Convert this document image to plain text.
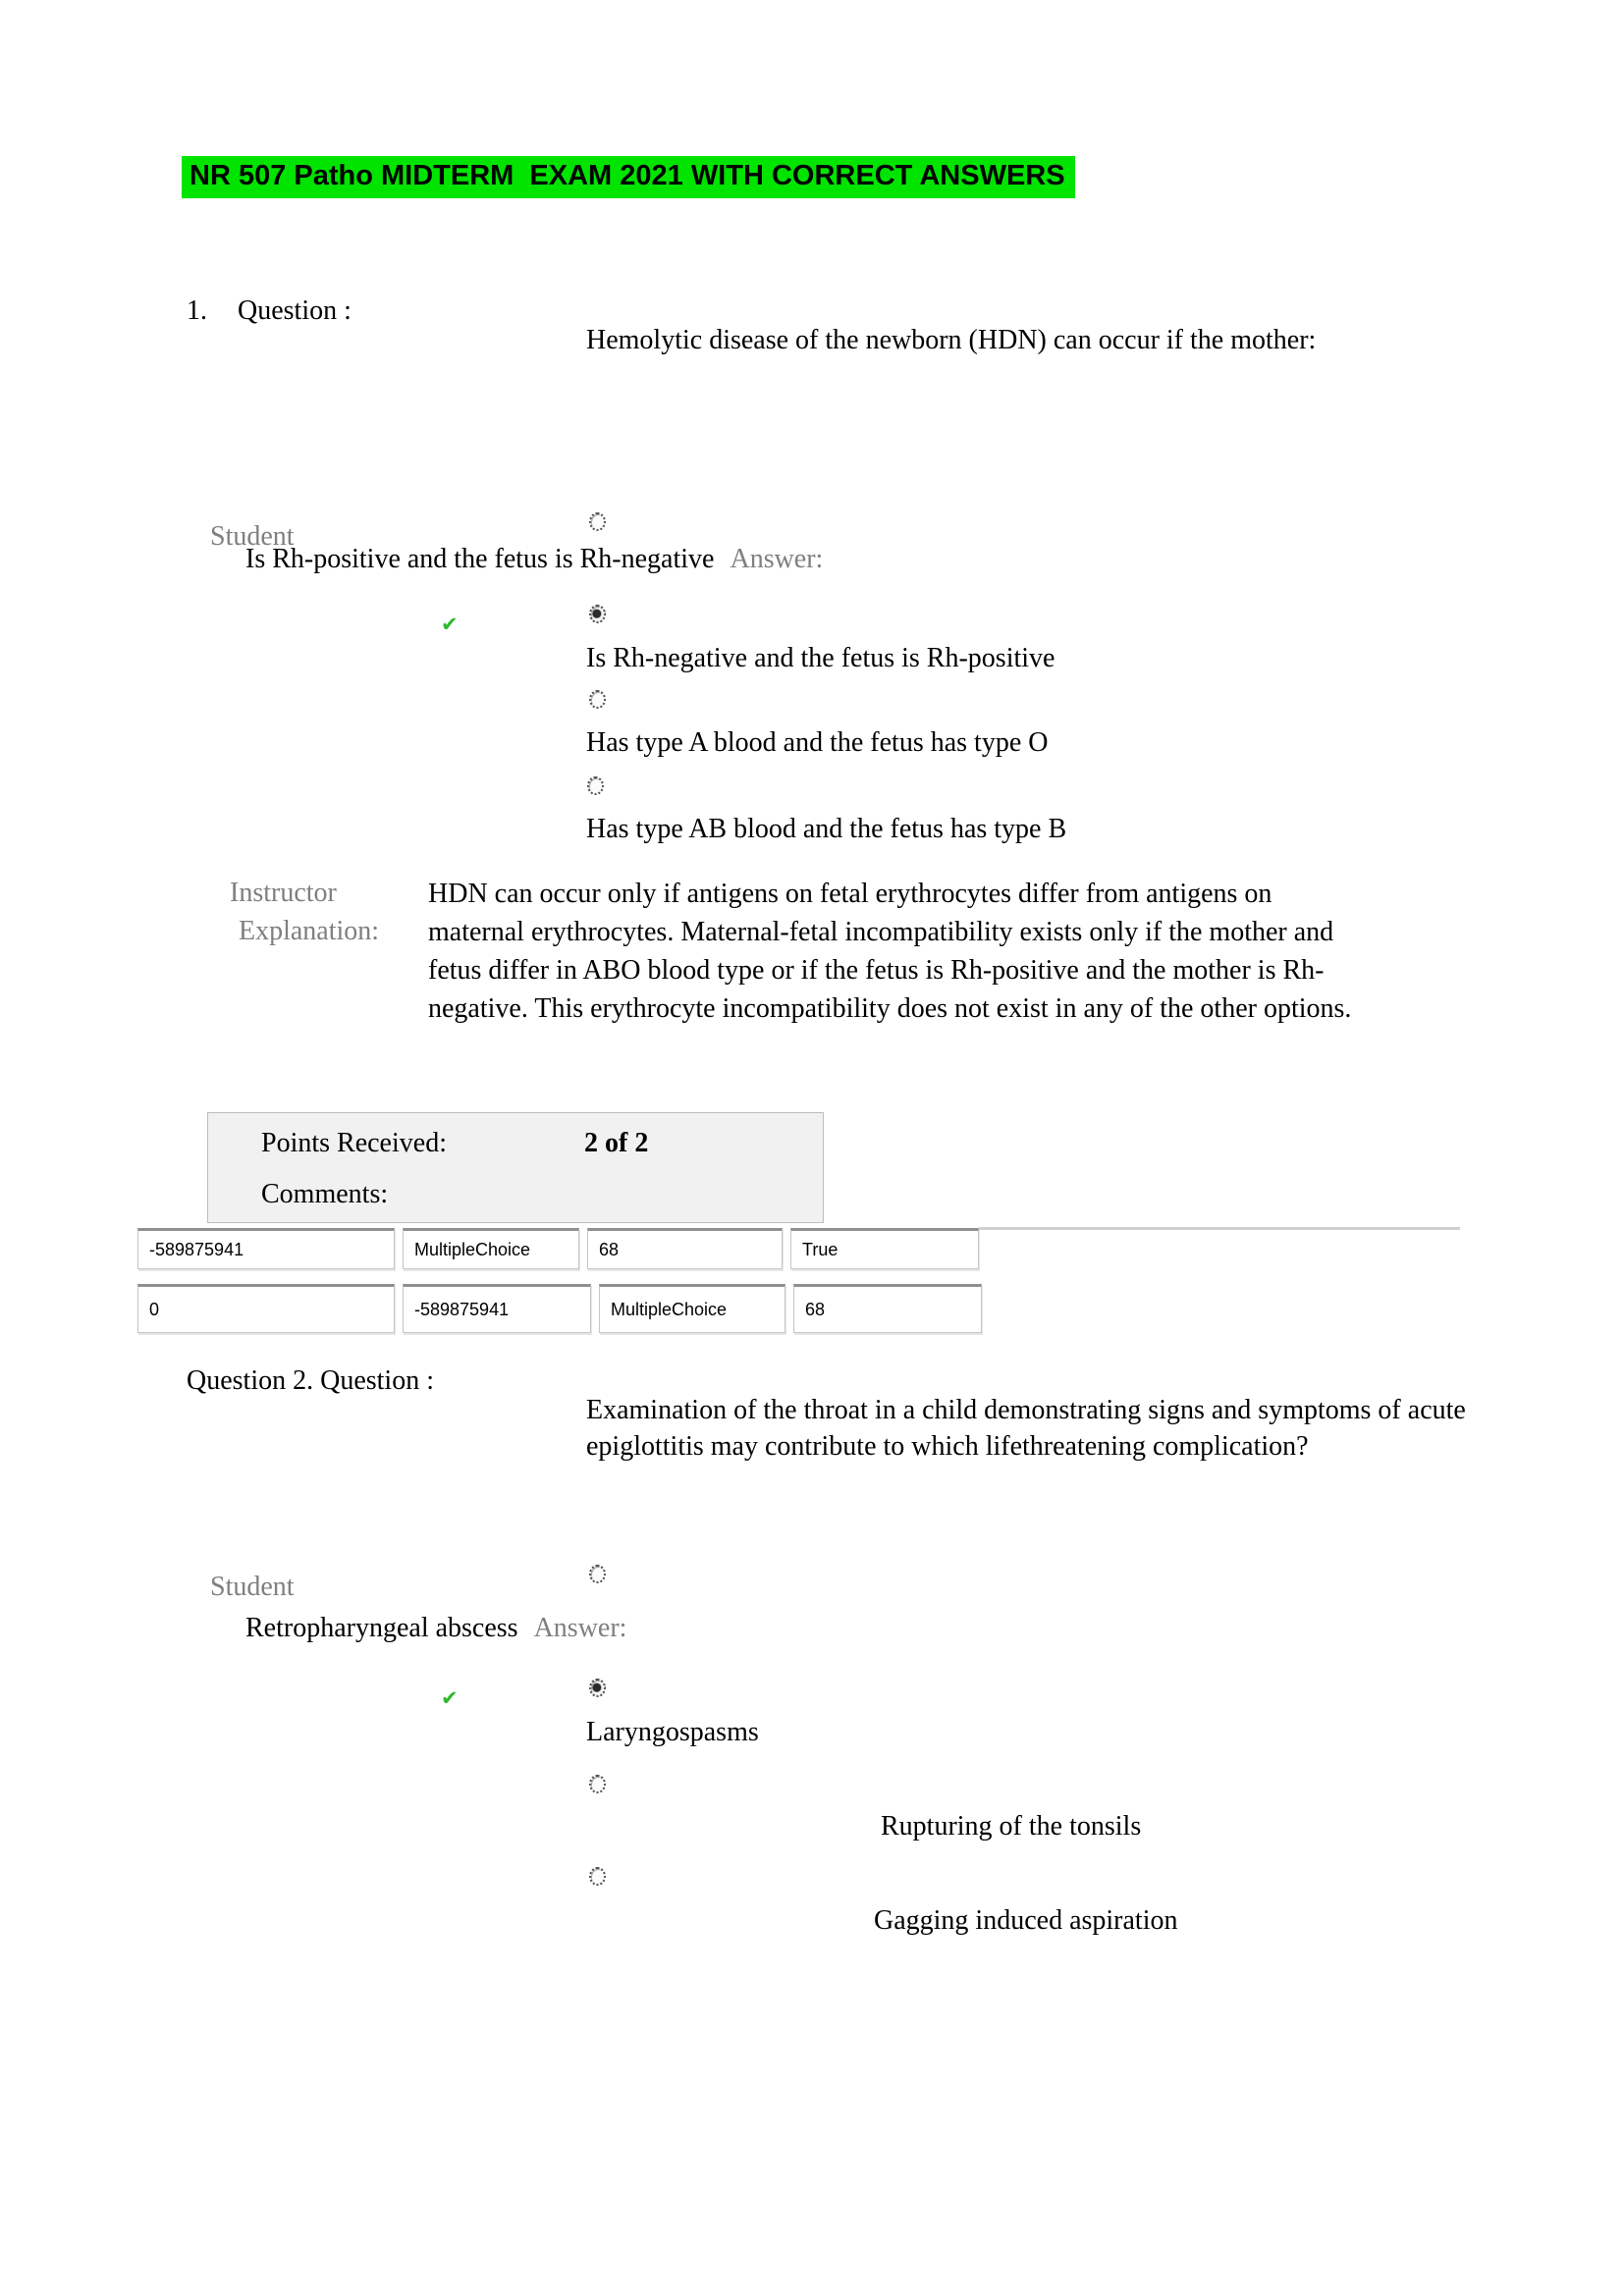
NR 507 Patho MIDTERM  EXAM 2021 WITH CORRECT ANSWERS
1. Question :
Hemolytic disease of the newborn (HDN) can occur if the mother:
Student
Is Rh-positive and the fetus is Rh-negative Answer:
✔
Is Rh-negative and the fetus is Rh-positive
Has type A blood and the fetus has type O
Has type AB blood and the fetus has type B
Instructor
Explanation:
HDN can occur only if antigens on fetal erythrocytes differ from antigens on maternal erythrocytes. Maternal-fetal incompatibility exists only if the mother and fetus differ in ABO blood type or if the fetus is Rh-positive and the mother is Rh-negative. This erythrocyte incompatibility does not exist in any of the other options.
Points Received:	2 of 2
Comments:
-589875941	MultipleChoice	68	True
0	-589875941	MultipleChoice	68
Question 2. Question :
Examination of the throat in a child demonstrating signs and symptoms of acute epiglottitis may contribute to which lifethreatening complication?
Student
Retropharyngeal abscess Answer:
✔
Laryngospasms
Rupturing of the tonsils
Gagging induced aspiration
